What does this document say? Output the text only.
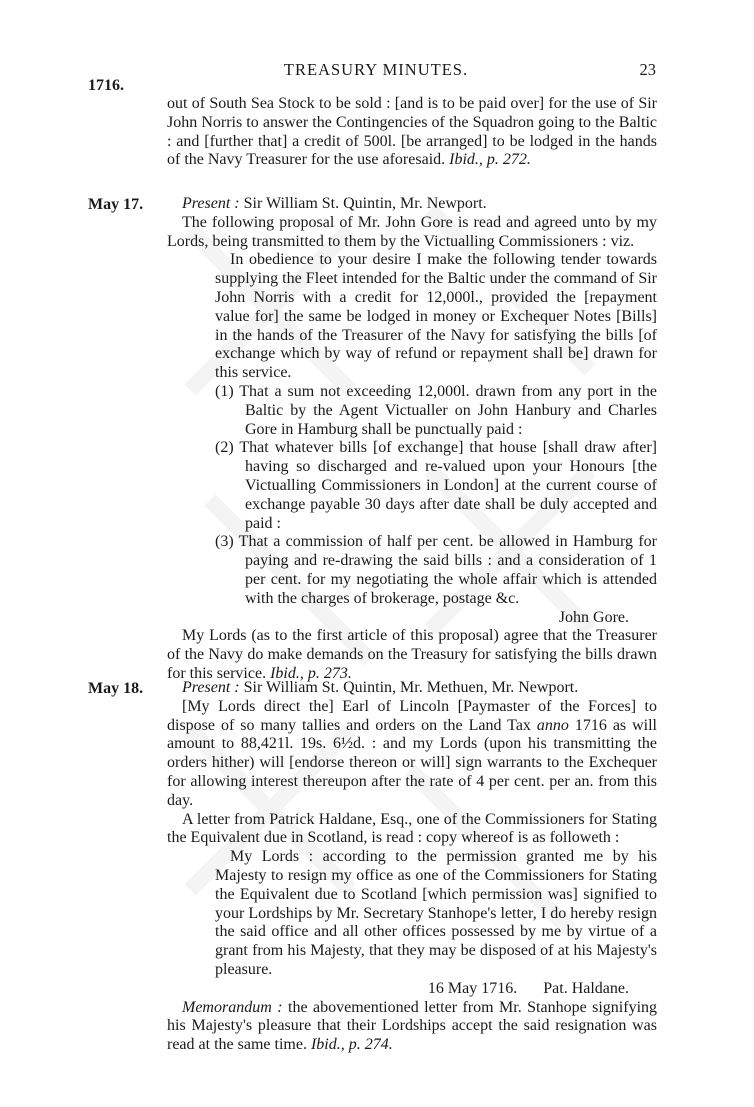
TREASURY MINUTES.	23
1716.

out of South Sea Stock to be sold : [and is to be paid over] for the use of Sir John Norris to answer the Contingencies of the Squadron going to the Baltic : and [further that] a credit of 500l. [be arranged] to be lodged in the hands of the Navy Treasurer for the use aforesaid. Ibid., p. 272.

May 17.	Present : Sir William St. Quintin, Mr. Newport.

The following proposal of Mr. John Gore is read and agreed unto by my Lords, being transmitted to them by the Victualling Commissioners : viz.

In obedience to your desire I make the following tender towards supplying the Fleet intended for the Baltic under the command of Sir John Norris with a credit for 12,000l., provided the [repayment value for] the same be lodged in money or Exchequer Notes [Bills] in the hands of the Treasurer of the Navy for satisfying the bills [of exchange which by way of refund or repayment shall be] drawn for this service.

(1) That a sum not exceeding 12,000l. drawn from any port in the Baltic by the Agent Victualler on John Hanbury and Charles Gore in Hamburg shall be punctually paid :

(2) That whatever bills [of exchange] that house [shall draw after] having so discharged and re-valued upon your Honours [the Victualling Commissioners in London] at the current course of exchange payable 30 days after date shall be duly accepted and paid :

(3) That a commission of half per cent. be allowed in Hamburg for paying and re-drawing the said bills : and a consideration of 1 per cent. for my negotiating the whole affair which is attended with the charges of brokerage, postage &c.

John Gore.

My Lords (as to the first article of this proposal) agree that the Treasurer of the Navy do make demands on the Treasury for satisfying the bills drawn for this service. Ibid., p. 273.

May 18.	Present : Sir William St. Quintin, Mr. Methuen, Mr. Newport.

[My Lords direct the] Earl of Lincoln [Paymaster of the Forces] to dispose of so many tallies and orders on the Land Tax anno 1716 as will amount to 88,421l. 19s. 6½d. : and my Lords (upon his transmitting the orders hither) will [endorse thereon or will] sign warrants to the Exchequer for allowing interest thereupon after the rate of 4 per cent. per an. from this day.

A letter from Patrick Haldane, Esq., one of the Commissioners for Stating the Equivalent due in Scotland, is read : copy whereof is as followeth :

My Lords : according to the permission granted me by his Majesty to resign my office as one of the Commissioners for Stating the Equivalent due to Scotland [which permission was] signified to your Lordships by Mr. Secretary Stanhope's letter, I do hereby resign the said office and all other offices possessed by me by virtue of a grant from his Majesty, that they may be disposed of at his Majesty's pleasure.

16 May 1716. Pat. Haldane.

Memorandum : the abovementioned letter from Mr. Stanhope signifying his Majesty's pleasure that their Lordships accept the said resignation was read at the same time. Ibid., p. 274.
